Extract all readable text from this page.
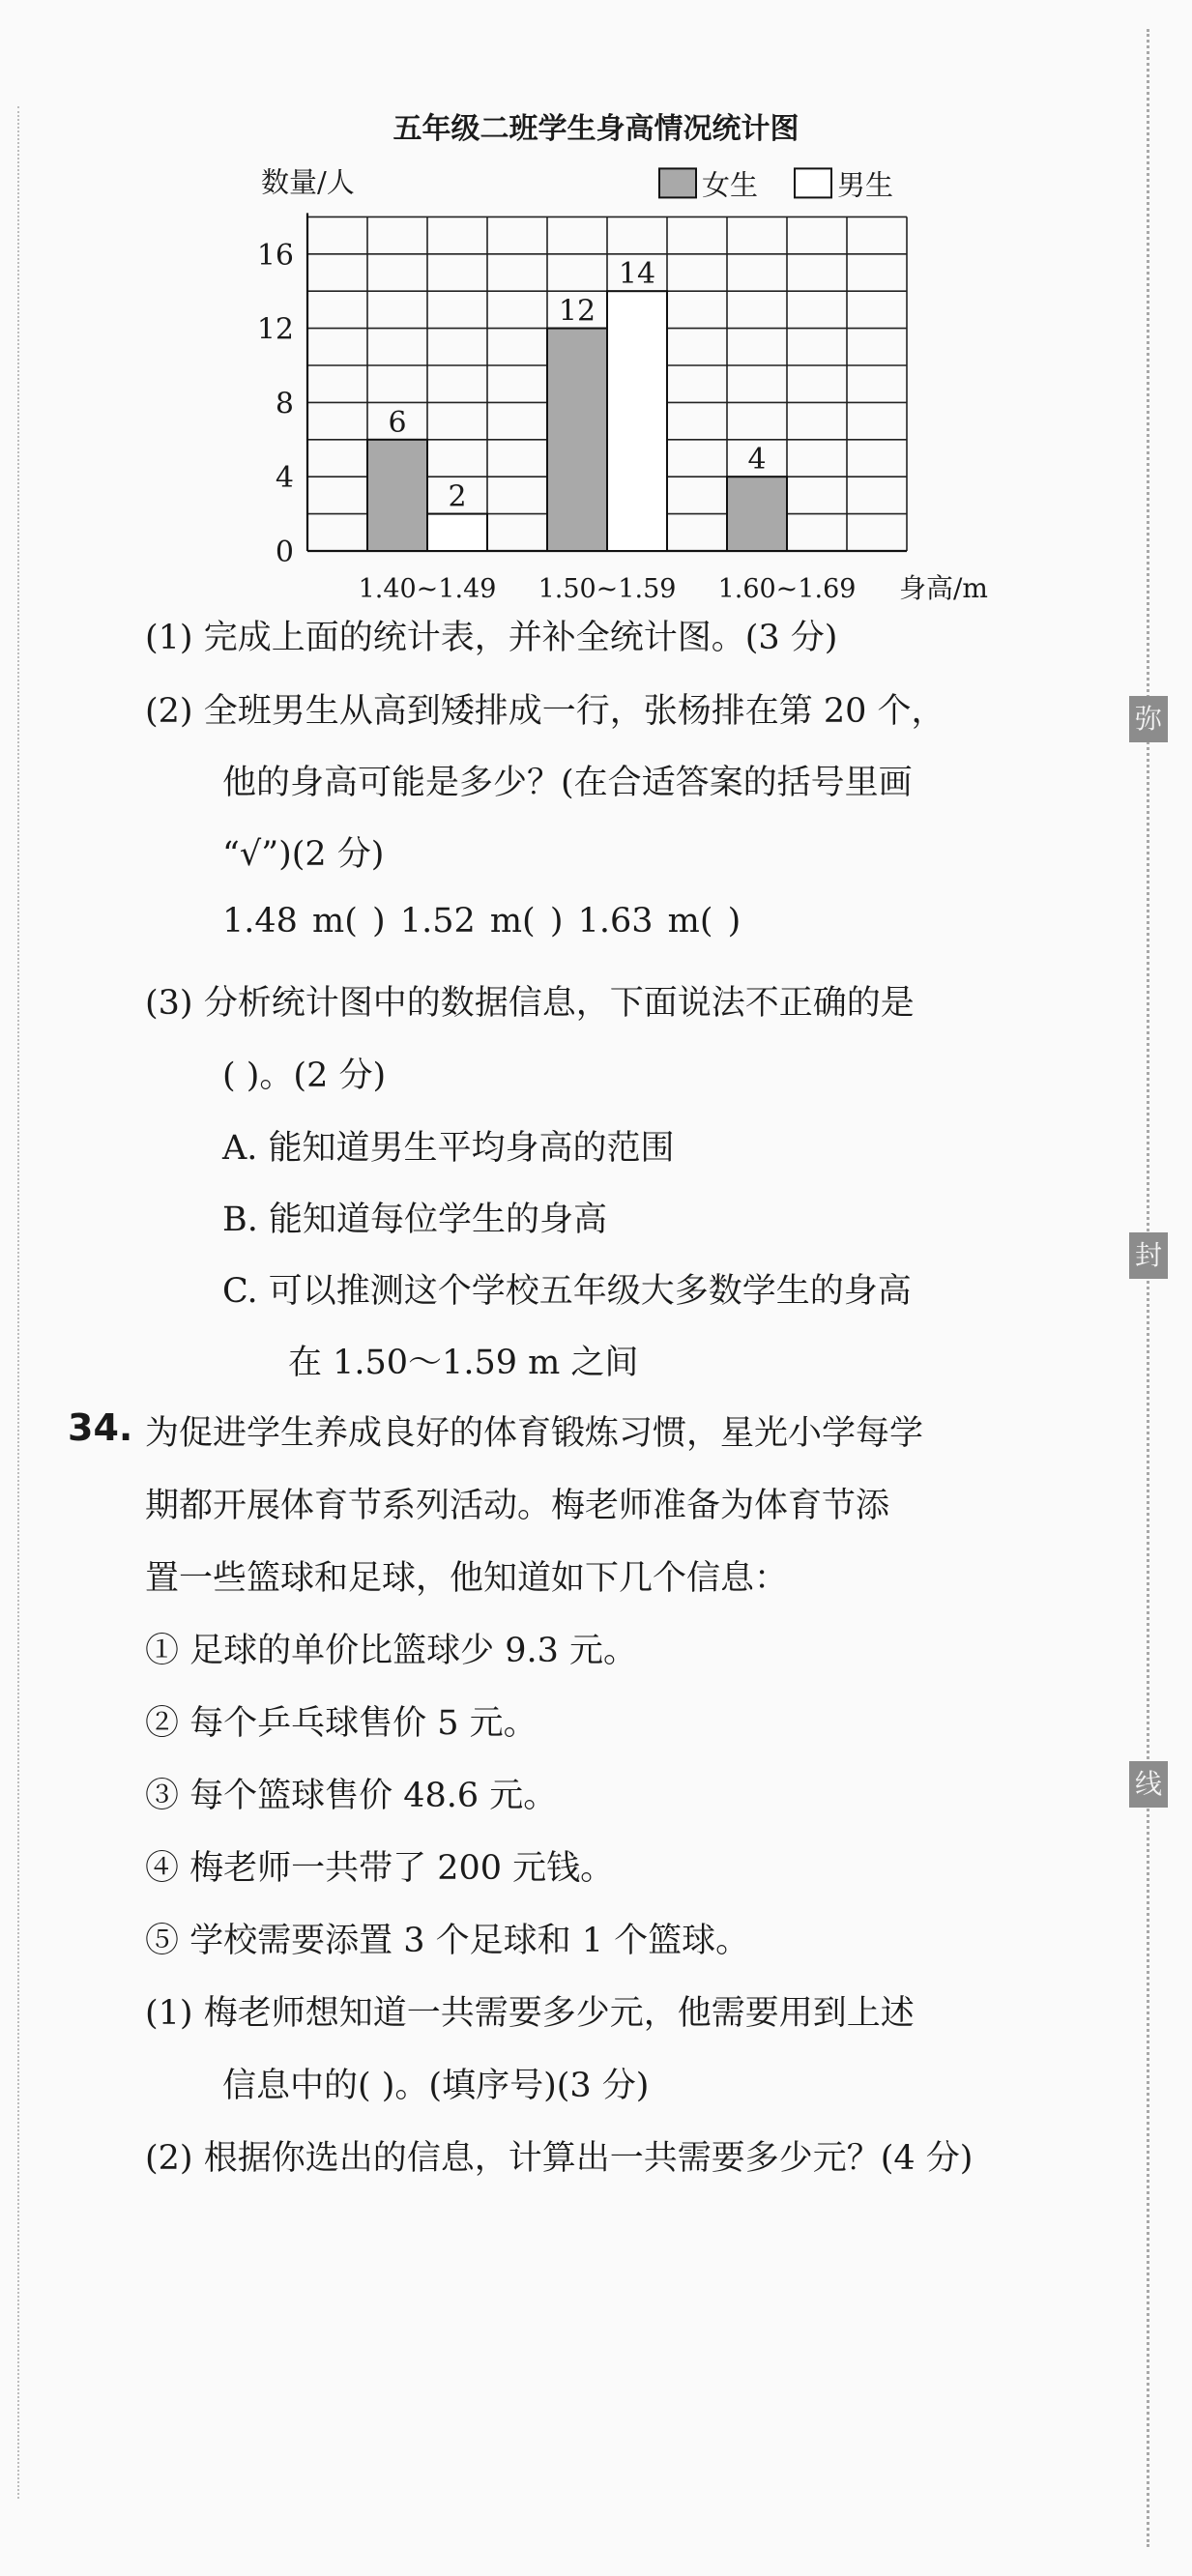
弥
封
线
五年级二班学生身高情况统计图
0
4
8
12
16
数量/人	女生	男生
6
2
1.40~1.49
12
14
1.50~1.59
4
1.60~1.69 身高/m
(1) 完成上面的统计表，并补全统计图。(3 分)
(2) 全班男生从高到矮排成一行，张杨排在第 20 个，
他的身高可能是多少？(在合适答案的括号里画
“√”)(2 分)
1.48 m( ) 1.52 m( ) 1.63 m( )
(3) 分析统计图中的数据信息，下面说法不正确的是
( )。(2 分)
A. 能知道男生平均身高的范围
B. 能知道每位学生的身高
C. 可以推测这个学校五年级大多数学生的身高
在 1.50～1.59 m 之间
34. 为促进学生养成良好的体育锻炼习惯，星光小学每学
期都开展体育节系列活动。梅老师准备为体育节添
置一些篮球和足球，他知道如下几个信息：
① 足球的单价比篮球少 9.3 元。
② 每个乒乓球售价 5 元。
③ 每个篮球售价 48.6 元。
④ 梅老师一共带了 200 元钱。
⑤ 学校需要添置 3 个足球和 1 个篮球。
(1) 梅老师想知道一共需要多少元，他需要用到上述
信息中的( )。(填序号)(3 分)
(2) 根据你选出的信息，计算出一共需要多少元？(4 分)
